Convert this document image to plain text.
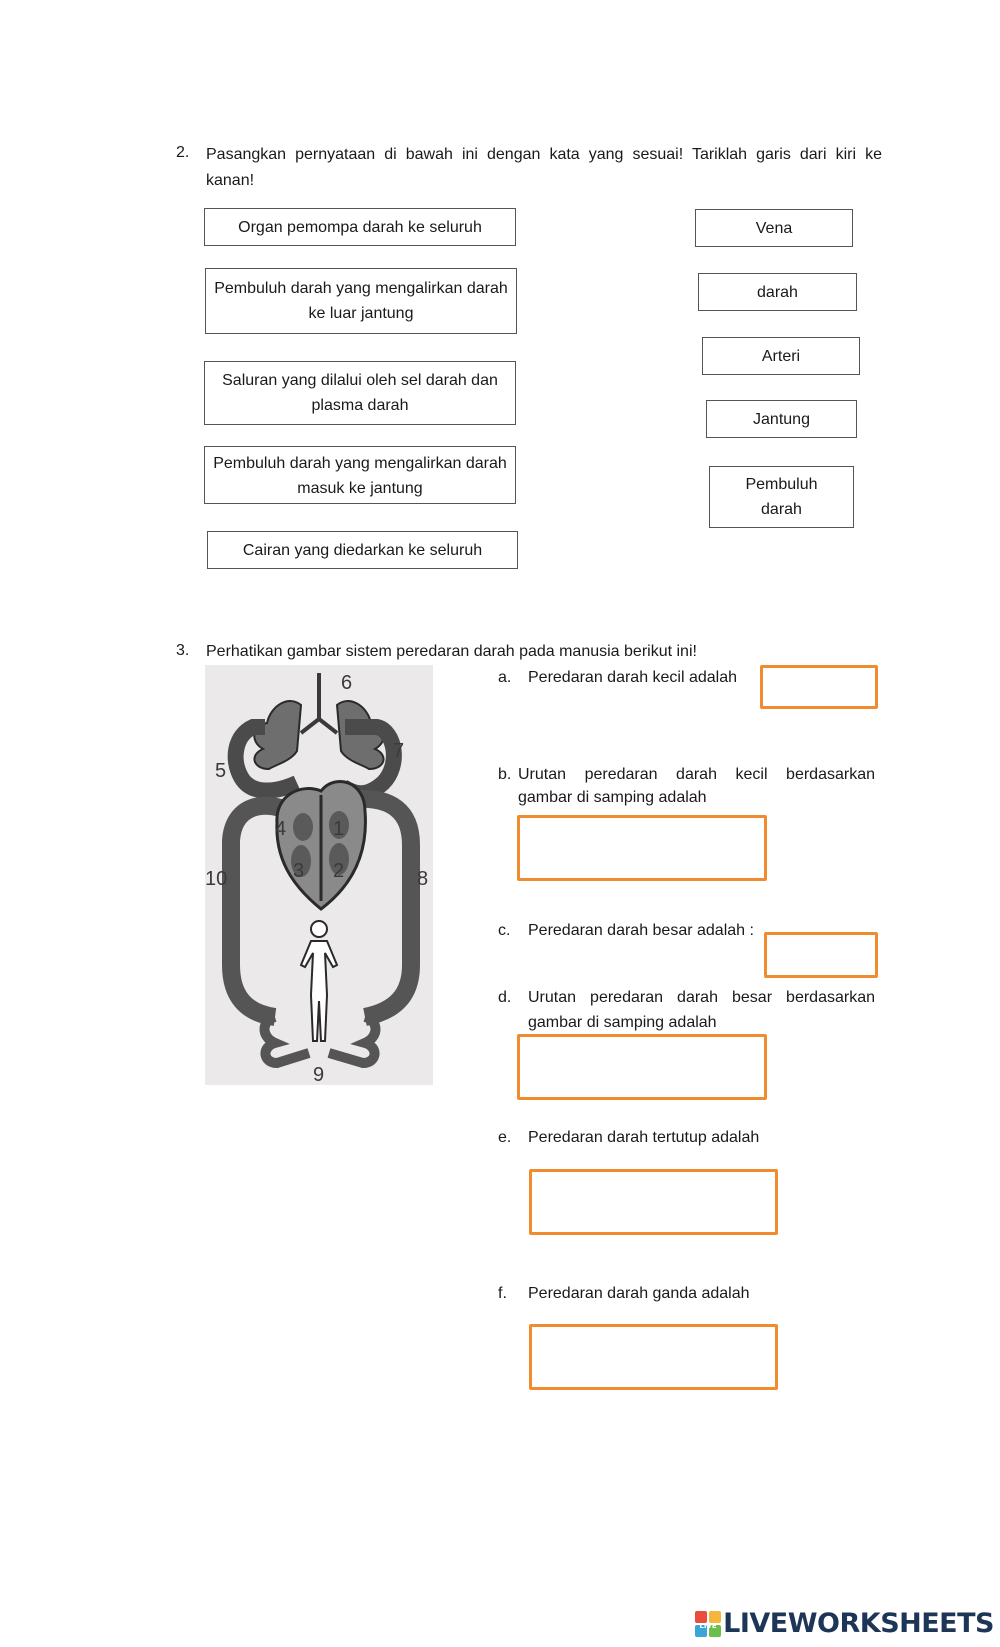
2. Pasangkan pernyataan di bawah ini dengan kata yang sesuai! Tariklah garis dari kiri ke
kanan!
Organ pemompa darah ke seluruh
Pembuluh darah yang mengalirkan darah ke luar jantung
Saluran yang dilalui oleh sel darah dan plasma darah
Pembuluh darah yang mengalirkan darah masuk ke jantung
Cairan yang diedarkan ke seluruh
Vena
darah
Arteri
Jantung
Pembuluh darah
3. Perhatikan gambar sistem peredaran darah pada manusia berikut ini!
6
5
7
4 1
3 2
10	8
9
a. Peredaran darah kecil adalah
b. Urutan peredaran darah kecil berdasarkan
gambar di samping adalah
c. Peredaran darah besar adalah :
d. Urutan peredaran darah besar berdasarkan
gambar di samping adalah
e. Peredaran darah tertutup adalah
f. Peredaran darah ganda adalah
LIVE LIVEWORKSHEETS
